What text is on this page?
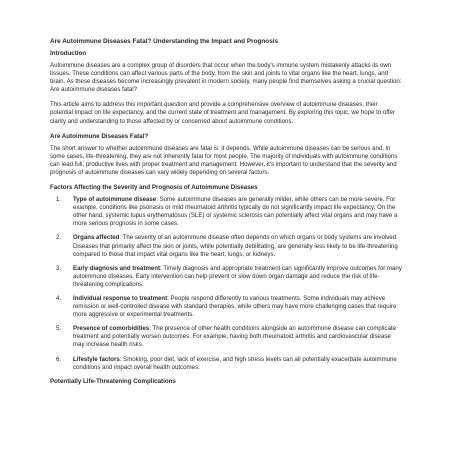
Are Autoimmune Diseases Fatal? Understanding the Impact and Prognosis
Introduction

Autoimmune diseases are a complex group of disorders that occur when the body's immune system mistakenly attacks its own tissues. These conditions can affect various parts of the body, from the skin and joints to vital organs like the heart, lungs, and brain. As these diseases become increasingly prevalent in modern society, many people find themselves asking a crucial question: Are autoimmune diseases fatal?

This article aims to address this important question and provide a comprehensive overview of autoimmune diseases, their potential impact on life expectancy, and the current state of treatment and management. By exploring this topic, we hope to offer clarity and understanding to those affected by or concerned about autoimmune conditions.

Are Autoimmune Diseases Fatal?

The short answer to whether autoimmune diseases are fatal is: it depends. While autoimmune diseases can be serious and, in some cases, life-threatening, they are not inherently fatal for most people. The majority of individuals with autoimmune conditions can lead full, productive lives with proper treatment and management. However, it's important to understand that the severity and prognosis of autoimmune diseases can vary widely depending on several factors.

Factors Affecting the Severity and Prognosis of Autoimmune Diseases
1. Type of autoimmune disease: Some autoimmune diseases are generally milder, while others can be more severe. For example, conditions like psoriasis or mild rheumatoid arthritis typically do not significantly impact life expectancy. On the other hand, systemic lupus erythematosus (SLE) or systemic sclerosis can potentially affect vital organs and may have a more serious prognosis in some cases.
2. Organs affected: The severity of an autoimmune disease often depends on which organs or body systems are involved. Diseases that primarily affect the skin or joints, while potentially debilitating, are generally less likely to be life-threatening compared to those that impact vital organs like the heart, lungs, or kidneys.
3. Early diagnosis and treatment: Timely diagnosis and appropriate treatment can significantly improve outcomes for many autoimmune diseases. Early intervention can help prevent or slow down organ damage and reduce the risk of life-threatening complications.
4. Individual response to treatment: People respond differently to various treatments. Some individuals may achieve remission or well-controlled disease with standard therapies, while others may have more challenging cases that require more aggressive or experimental treatments.
5. Presence of comorbidities: The presence of other health conditions alongside an autoimmune disease can complicate treatment and potentially worsen outcomes. For example, having both rheumatoid arthritis and cardiovascular disease may increase health risks.
6. Lifestyle factors: Smoking, poor diet, lack of exercise, and high stress levels can all potentially exacerbate autoimmune conditions and impact overall health outcomes.
Potentially Life-Threatening Complications
